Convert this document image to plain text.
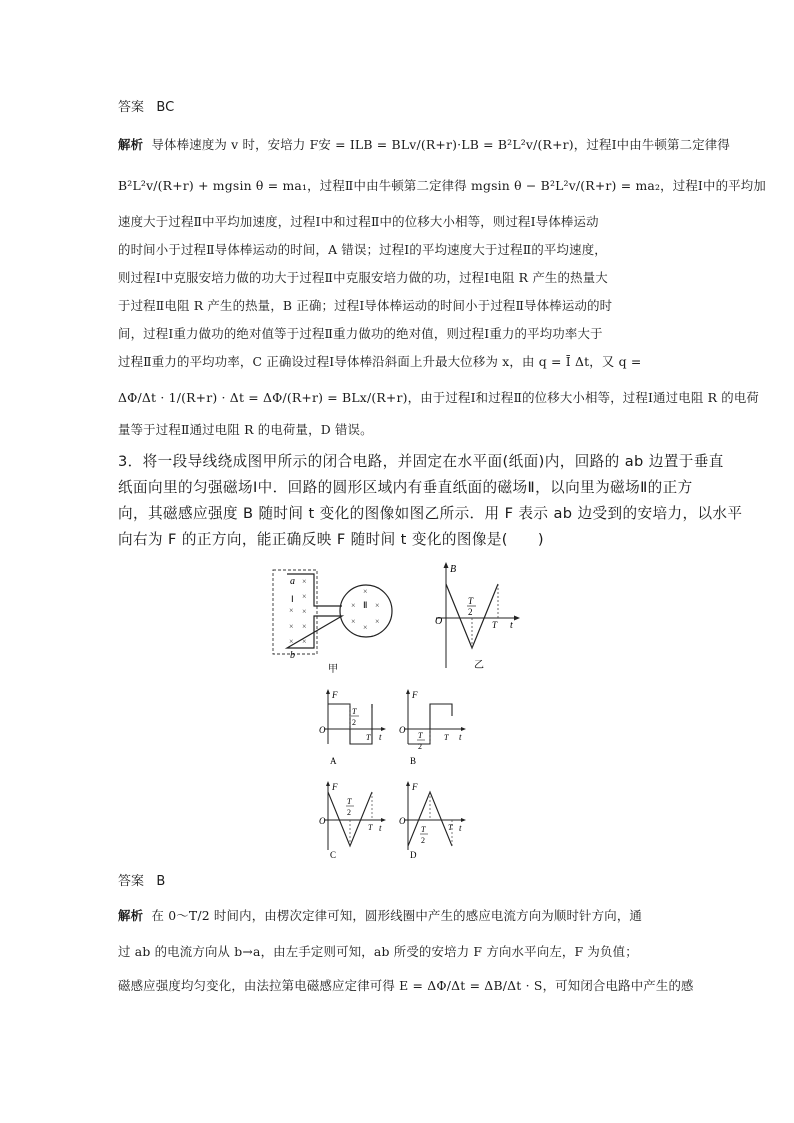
答案 BC
解析 导体棒速度为 v 时，安培力 F安 = ILB = BLv/(R+r)·LB = B²L²v/(R+r)，过程Ⅰ中由牛顿第二定律得
B²L²v/(R+r) + mgsin θ = ma₁，过程Ⅱ中由牛顿第二定律得 mgsin θ − B²L²v/(R+r) = ma₂，过程Ⅰ中的平均加
速度大于过程Ⅱ中平均加速度，过程Ⅰ中和过程Ⅱ中的位移大小相等，则过程Ⅰ导体棒运动
的时间小于过程Ⅱ导体棒运动的时间，A 错误；过程Ⅰ的平均速度大于过程Ⅱ的平均速度，
则过程Ⅰ中克服安培力做的功大于过程Ⅱ中克服安培力做的功，过程Ⅰ电阻 R 产生的热量大
于过程Ⅱ电阻 R 产生的热量，B 正确；过程Ⅰ导体棒运动的时间小于过程Ⅱ导体棒运动的时
间，过程Ⅰ重力做功的绝对值等于过程Ⅱ重力做功的绝对值，则过程Ⅰ重力的平均功率大于
过程Ⅱ重力的平均功率，C 正确设过程Ⅰ导体棒沿斜面上升最大位移为 x，由 q = Ī Δt，又 q =
ΔΦ/Δt · 1/(R+r) · Δt = ΔΦ/(R+r) = BLx/(R+r)，由于过程Ⅰ和过程Ⅱ的位移大小相等，过程Ⅰ通过电阻 R 的电荷
量等于过程Ⅱ通过电阻 R 的电荷量，D 错误。
3．将一段导线绕成图甲所示的闭合电路，并固定在水平面(纸面)内，回路的 ab 边置于垂直
纸面向里的匀强磁场Ⅰ中．回路的圆形区域内有垂直纸面的磁场Ⅱ，以向里为磁场Ⅱ的正方
向，其磁感应强度 B 随时间 t 变化的图像如图乙所示．用 F 表示 ab 边受到的安培力，以水平
向右为 F 的正方向，能正确反映 F 随时间 t 变化的图像是(　　)
a
b
Ⅰ
Ⅱ
×
×
×
×
×
×
×
×
×
× ×
×
×
×
甲
B
O	t
T
2
T
乙
F
O
t
T
2
T
A
F
O
t
T
2
T
B
F
O
t
T
2
T
C
F
O
t
T
2
T
D
答案 B
解析 在 0～T/2 时间内，由楞次定律可知，圆形线圈中产生的感应电流方向为顺时针方向，通
过 ab 的电流方向从 b→a，由左手定则可知，ab 所受的安培力 F 方向水平向左，F 为负值；
磁感应强度均匀变化，由法拉第电磁感应定律可得 E = ΔΦ/Δt = ΔB/Δt · S，可知闭合电路中产生的感
